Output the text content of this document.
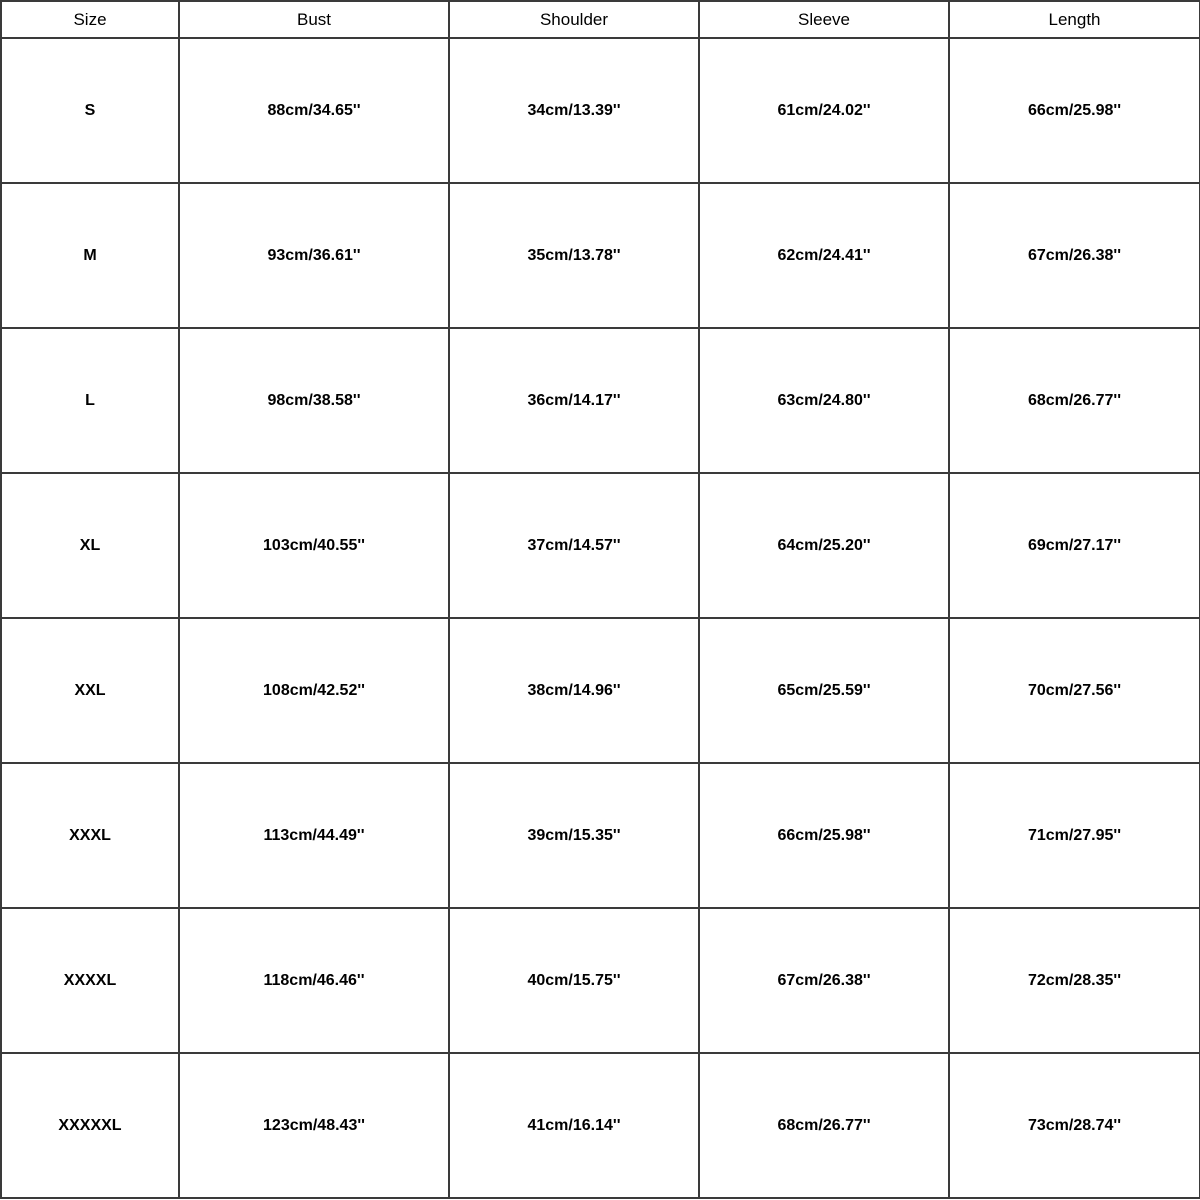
Size	Bust	Shoulder	Sleeve	Length
S	88cm/34.65''	34cm/13.39''	61cm/24.02''	66cm/25.98''
M	93cm/36.61''	35cm/13.78''	62cm/24.41''	67cm/26.38''
L	98cm/38.58''	36cm/14.17''	63cm/24.80''	68cm/26.77''
XL	103cm/40.55''	37cm/14.57''	64cm/25.20''	69cm/27.17''
XXL	108cm/42.52''	38cm/14.96''	65cm/25.59''	70cm/27.56''
XXXL	113cm/44.49''	39cm/15.35''	66cm/25.98''	71cm/27.95''
XXXXL	118cm/46.46''	40cm/15.75''	67cm/26.38''	72cm/28.35''
XXXXXL	123cm/48.43''	41cm/16.14''	68cm/26.77''	73cm/28.74''
